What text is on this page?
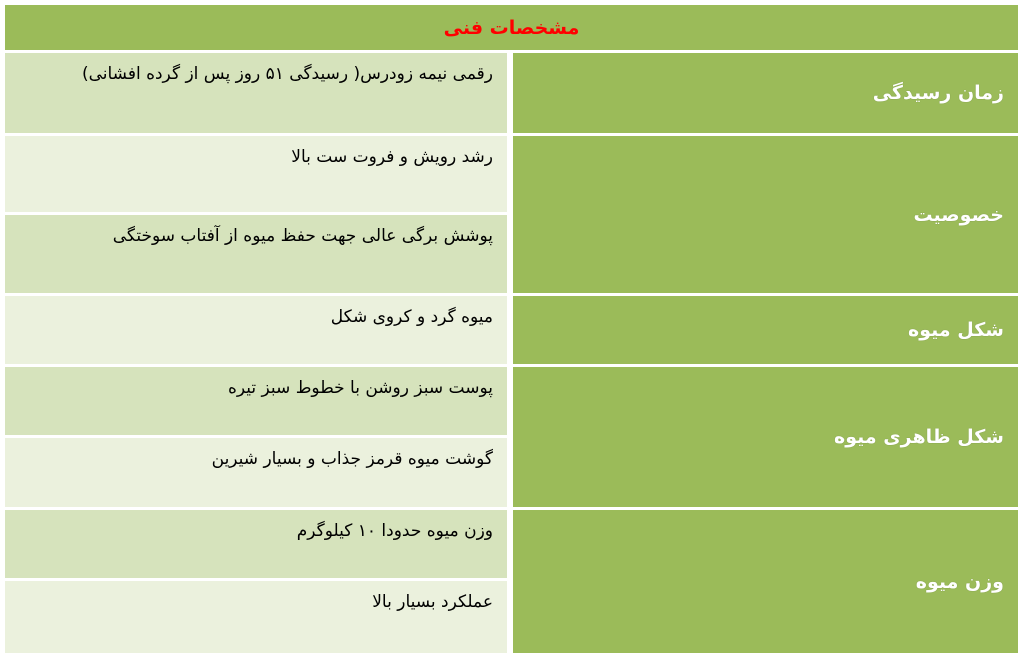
مشخصات فنی
زمان رسیدگی
رقمی نیمه زودرس( رسیدگی ۵۱ روز پس از گرده افشانی)
خصوصیت
رشد رویش و فروت ست بالا
پوشش برگی عالی جهت حفظ میوه از آفتاب سوختگی
شکل میوه
میوه گرد و کروی شکل
شکل ظاهری میوه
پوست سبز روشن با خطوط سبز تیره
گوشت میوه قرمز جذاب و بسیار شیرین
وزن میوه
وزن میوه حدودا ۱۰ کیلوگرم
عملکرد بسیار بالا
